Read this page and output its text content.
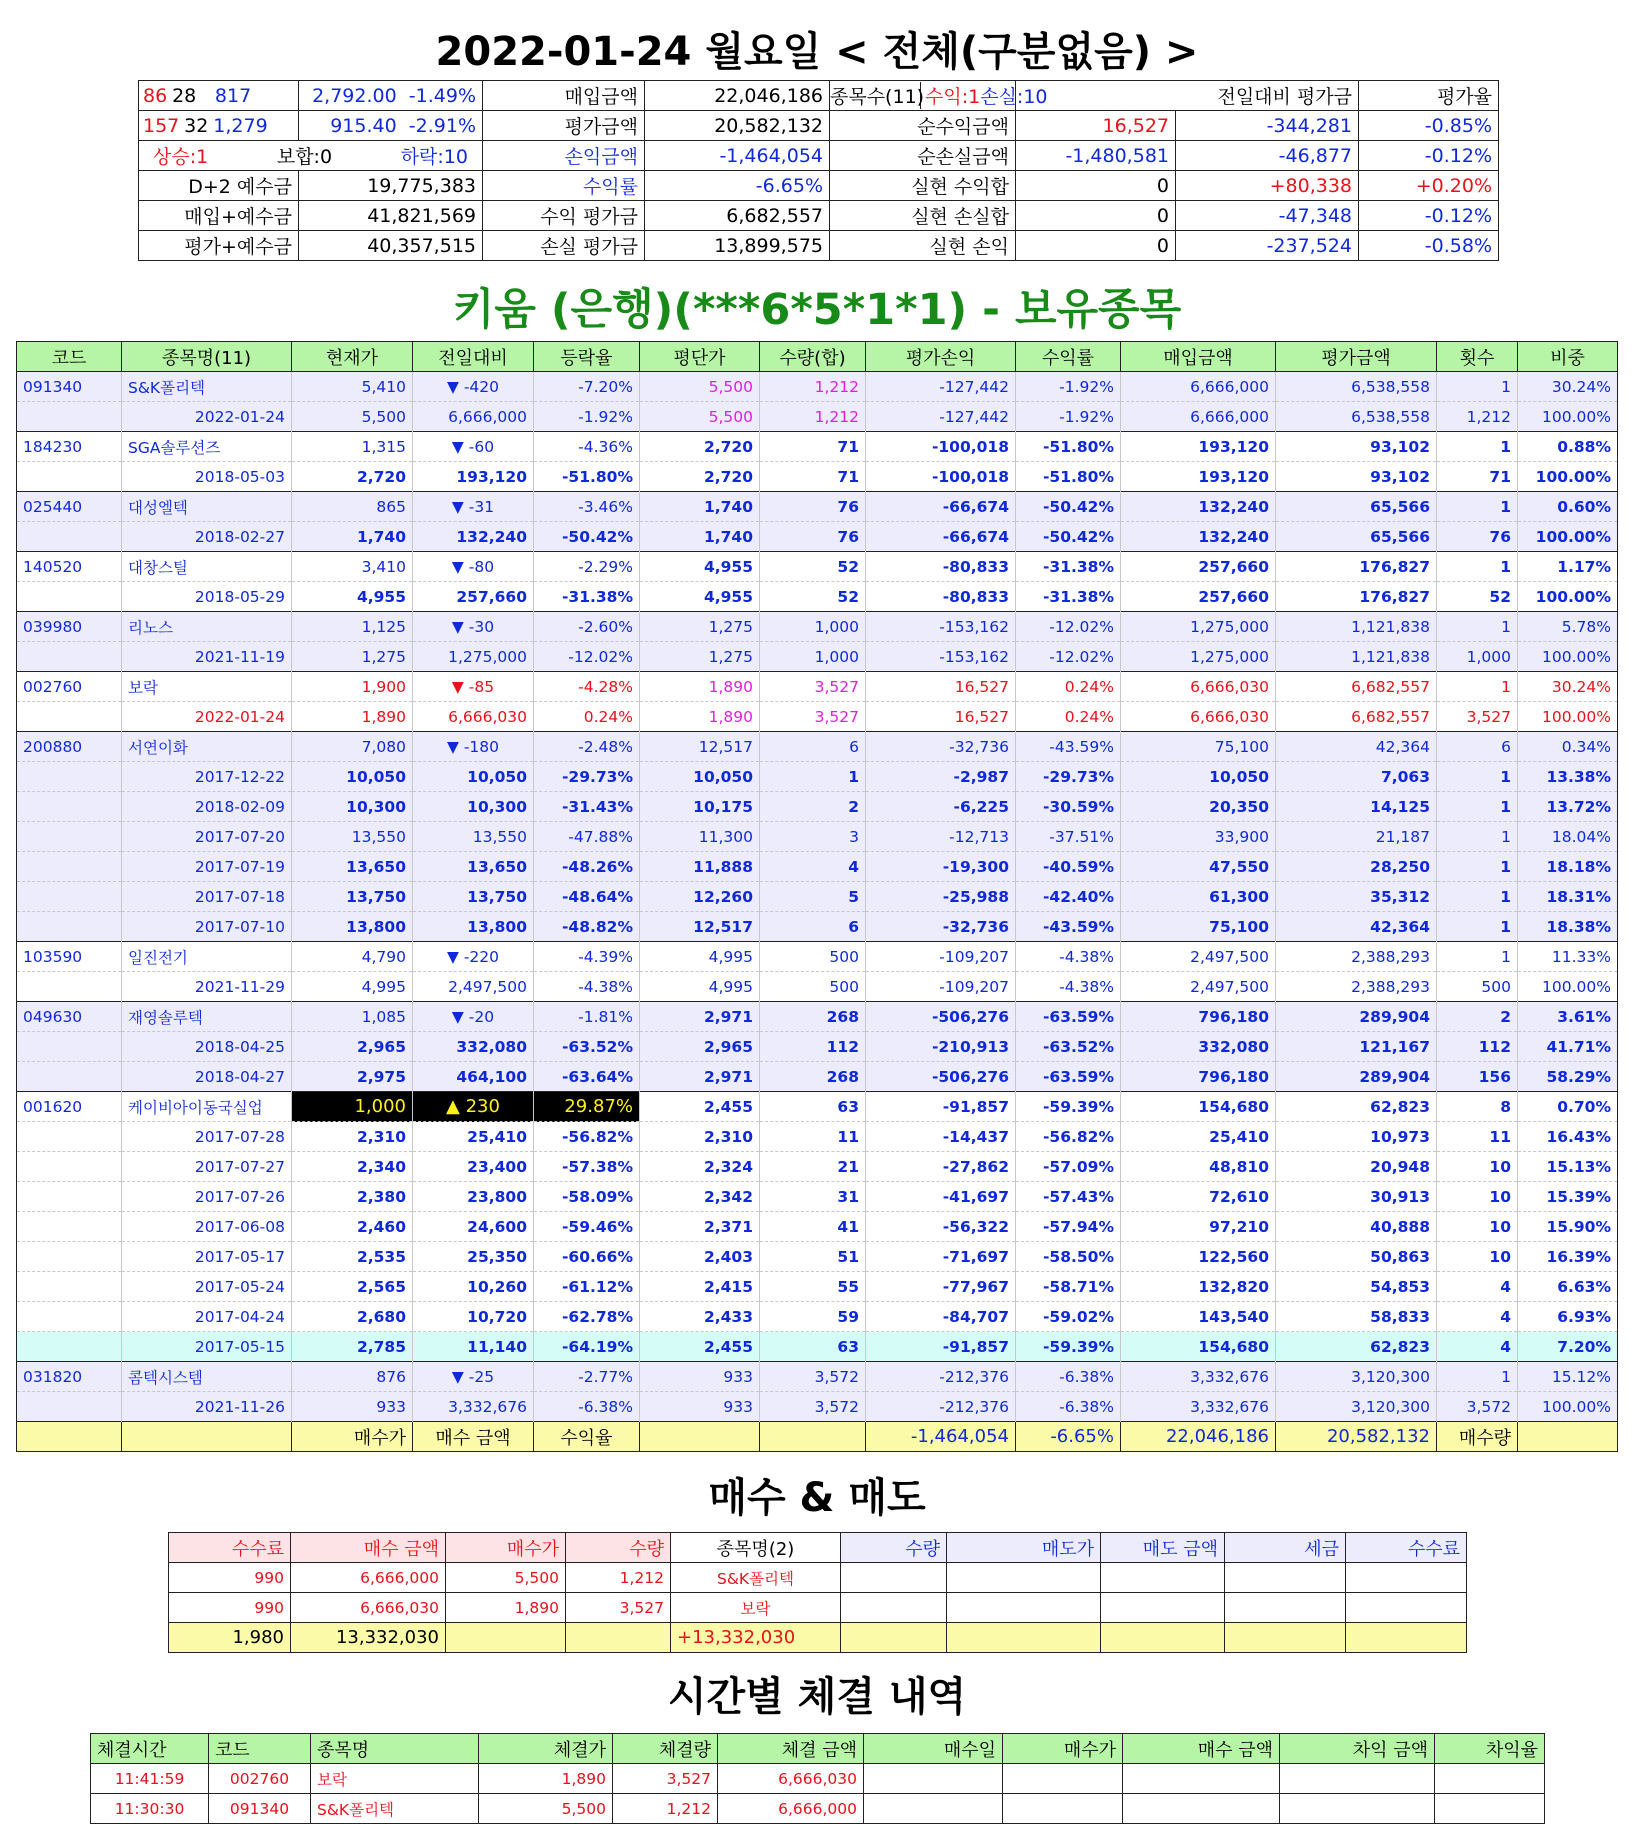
2022-01-24 월요일 < 전체(구분없음) >
86 28 817	2,792.00 -1.49%	매입금액	22,046,186	종목수(11) 수익:1 손실:10	전일대비 평가금		평가율
157 32 1,279	915.40 -2.91%	평가금액	20,582,132	순수익금액	16,527	-344,281	-0.85%

상승:1 보합:0 하락:10		손익금액	-1,464,054	순손실금액	-1,480,581	-46,877	-0.12%
D+2 예수금	19,775,383	수익률	-6.65%	실현 수익합	0	+80,338	+0.20%
매입+예수금	41,821,569	수익 평가금	6,682,557	실현 손실합	0	-47,348	-0.12%
평가+예수금	40,357,515	손실 평가금	13,899,575	실현 손익	0	-237,524	-0.58%
키움 (은행)(***6*5*1*1) - 보유종목
코드	종목명(11)	현재가	전일대비	등락율	평단가	수량(합)	평가손익	수익률	매입금액	평가금액	횟수	비중
091340	S&K폴리텍	5,410	▼ -420	-7.20%	5,500	1,212	-127,442	-1.92%	6,666,000	6,538,558	1	30.24%
	2022-01-24	5,500	6,666,000	-1.92%	5,500	1,212	-127,442	-1.92%	6,666,000	6,538,558	1,212	100.00%
184230	SGA솔루션즈	1,315	▼ -60	-4.36%	2,720	71	-100,018	-51.80%	193,120	93,102	1	0.88%
	2018-05-03	2,720	193,120	-51.80%	2,720	71	-100,018	-51.80%	193,120	93,102	71	100.00%
025440	대성엘텍	865	▼ -31	-3.46%	1,740	76	-66,674	-50.42%	132,240	65,566	1	0.60%
	2018-02-27	1,740	132,240	-50.42%	1,740	76	-66,674	-50.42%	132,240	65,566	76	100.00%
140520	대창스틸	3,410	▼ -80	-2.29%	4,955	52	-80,833	-31.38%	257,660	176,827	1	1.17%
	2018-05-29	4,955	257,660	-31.38%	4,955	52	-80,833	-31.38%	257,660	176,827	52	100.00%
039980	리노스	1,125	▼ -30	-2.60%	1,275	1,000	-153,162	-12.02%	1,275,000	1,121,838	1	5.78%
	2021-11-19	1,275	1,275,000	-12.02%	1,275	1,000	-153,162	-12.02%	1,275,000	1,121,838	1,000	100.00%
002760	보락	1,900	▼ -85	-4.28%	1,890	3,527	16,527	0.24%	6,666,030	6,682,557	1	30.24%
	2022-01-24	1,890	6,666,030	0.24%	1,890	3,527	16,527	0.24%	6,666,030	6,682,557	3,527	100.00%
200880	서연이화	7,080	▼ -180	-2.48%	12,517	6	-32,736	-43.59%	75,100	42,364	6	0.34%
	2017-12-22	10,050	10,050	-29.73%	10,050	1	-2,987	-29.73%	10,050	7,063	1	13.38%
	2018-02-09	10,300	10,300	-31.43%	10,175	2	-6,225	-30.59%	20,350	14,125	1	13.72%
	2017-07-20	13,550	13,550	-47.88%	11,300	3	-12,713	-37.51%	33,900	21,187	1	18.04%
	2017-07-19	13,650	13,650	-48.26%	11,888	4	-19,300	-40.59%	47,550	28,250	1	18.18%
	2017-07-18	13,750	13,750	-48.64%	12,260	5	-25,988	-42.40%	61,300	35,312	1	18.31%
	2017-07-10	13,800	13,800	-48.82%	12,517	6	-32,736	-43.59%	75,100	42,364	1	18.38%
103590	일진전기	4,790	▼ -220	-4.39%	4,995	500	-109,207	-4.38%	2,497,500	2,388,293	1	11.33%
	2021-11-29	4,995	2,497,500	-4.38%	4,995	500	-109,207	-4.38%	2,497,500	2,388,293	500	100.00%
049630	재영솔루텍	1,085	▼ -20	-1.81%	2,971	268	-506,276	-63.59%	796,180	289,904	2	3.61%
	2018-04-25	2,965	332,080	-63.52%	2,965	112	-210,913	-63.52%	332,080	121,167	112	41.71%
	2018-04-27	2,975	464,100	-63.64%	2,971	268	-506,276	-63.59%	796,180	289,904	156	58.29%
001620	케이비아이동국실업	1,000	▲ 230	29.87%	2,455	63	-91,857	-59.39%	154,680	62,823	8	0.70%
	2017-07-28	2,310	25,410	-56.82%	2,310	11	-14,437	-56.82%	25,410	10,973	11	16.43%
	2017-07-27	2,340	23,400	-57.38%	2,324	21	-27,862	-57.09%	48,810	20,948	10	15.13%
	2017-07-26	2,380	23,800	-58.09%	2,342	31	-41,697	-57.43%	72,610	30,913	10	15.39%
	2017-06-08	2,460	24,600	-59.46%	2,371	41	-56,322	-57.94%	97,210	40,888	10	15.90%
	2017-05-17	2,535	25,350	-60.66%	2,403	51	-71,697	-58.50%	122,560	50,863	10	16.39%
	2017-05-24	2,565	10,260	-61.12%	2,415	55	-77,967	-58.71%	132,820	54,853	4	6.63%
	2017-04-24	2,680	10,720	-62.78%	2,433	59	-84,707	-59.02%	143,540	58,833	4	6.93%
	2017-05-15	2,785	11,140	-64.19%	2,455	63	-91,857	-59.39%	154,680	62,823	4	7.20%
031820	콤텍시스템	876	▼ -25	-2.77%	933	3,572	-212,376	-6.38%	3,332,676	3,120,300	1	15.12%
	2021-11-26	933	3,332,676	-6.38%	933	3,572	-212,376	-6.38%	3,332,676	3,120,300	3,572	100.00%
		매수가	매수 금액	수익율			-1,464,054	-6.65%	22,046,186	20,582,132	매수량	
매수 & 매도
수수료	매수 금액	매수가	수량	종목명(2)	수량	매도가	매도 금액	세금	수수료
990	6,666,000	5,500	1,212	S&K폴리텍					
990	6,666,030	1,890	3,527	보락					
1,980	13,332,030			+13,332,030					
시간별 체결 내역
체결시간	코드	종목명	체결가	체결량	체결 금액	매수일	매수가	매수 금액	차익 금액	차익율
11:41:59	002760	보락	1,890	3,527	6,666,030					
11:30:30	091340	S&K폴리텍	5,500	1,212	6,666,000					
